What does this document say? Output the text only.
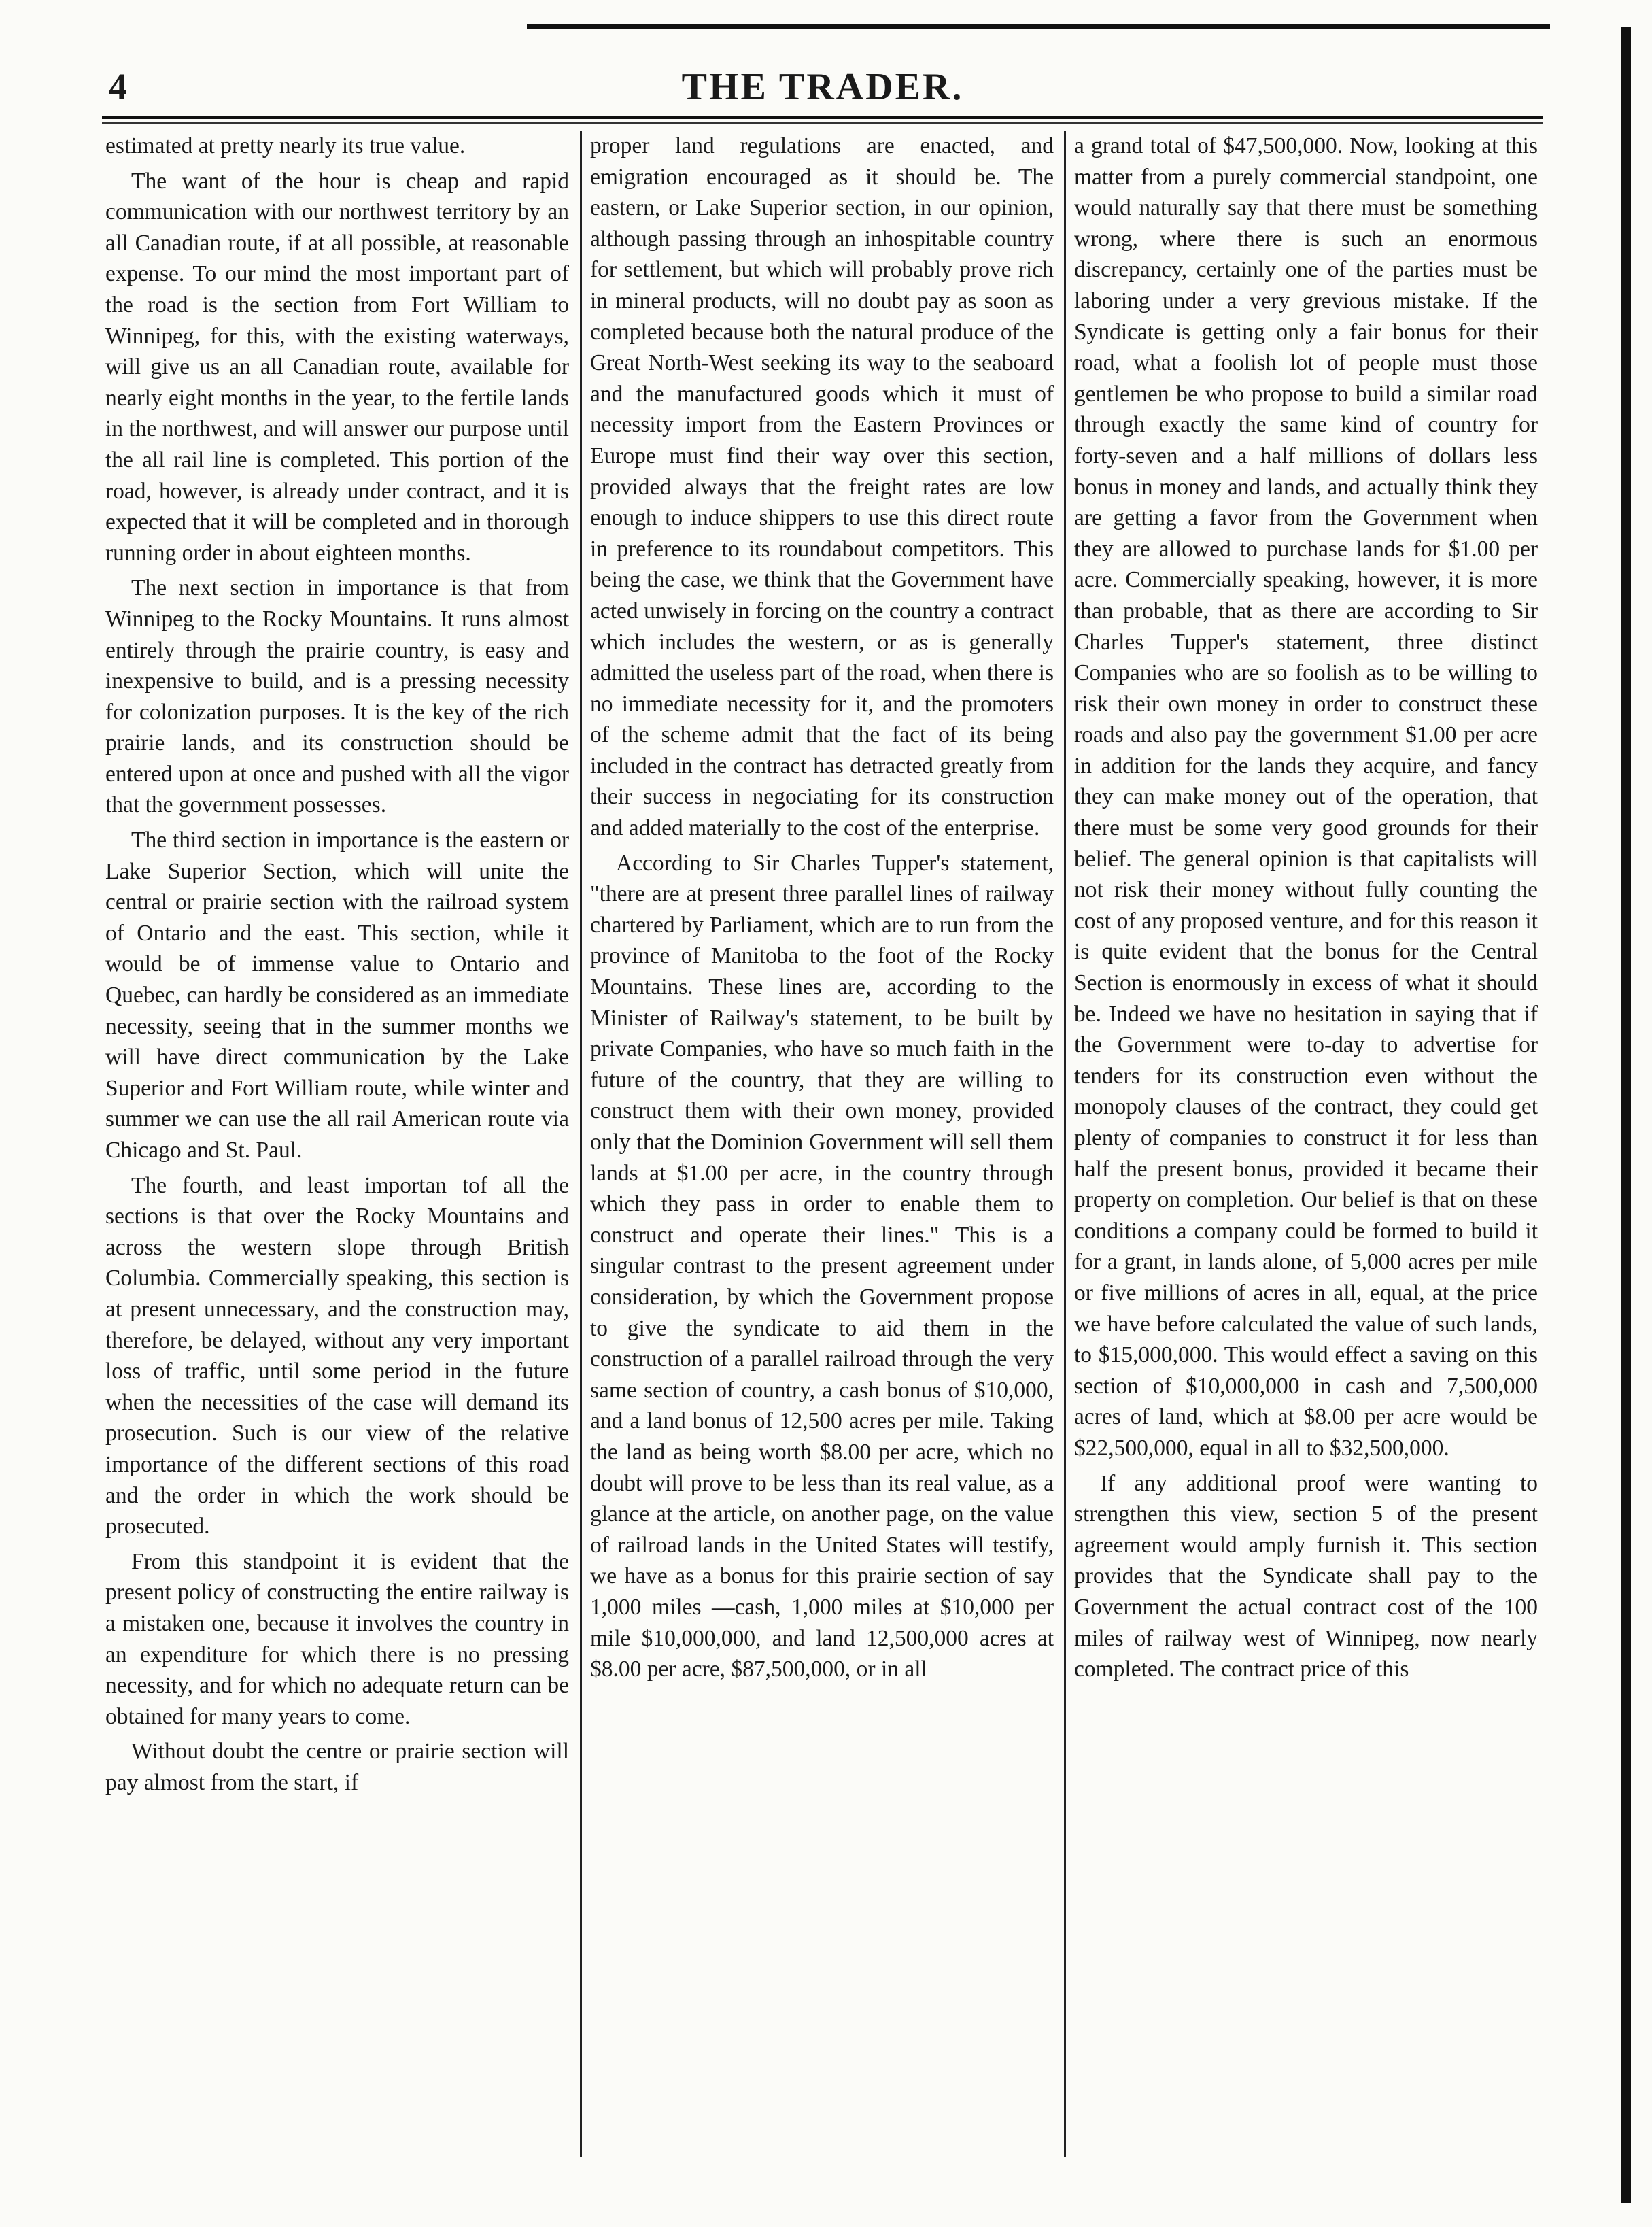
4	THE TRADER.

estimated at pretty nearly its true value.

The want of the hour is cheap and rapid communication with our northwest territory by an all Canadian route, if at all possible, at reasonable expense. To our mind the most important part of the road is the section from Fort William to Winnipeg, for this, with the existing waterways, will give us an all Canadian route, available for nearly eight months in the year, to the fertile lands in the northwest, and will answer our purpose until the all rail line is completed. This portion of the road, however, is already under contract, and it is expected that it will be completed and in thorough running order in about eighteen months.

The next section in importance is that from Winnipeg to the Rocky Mountains. It runs almost entirely through the prairie country, is easy and inexpensive to build, and is a pressing necessity for colonization purposes. It is the key of the rich prairie lands, and its construction should be entered upon at once and pushed with all the vigor that the government possesses.

The third section in importance is the eastern or Lake Superior Section, which will unite the central or prairie section with the railroad system of Ontario and the east. This section, while it would be of immense value to Ontario and Quebec, can hardly be considered as an immediate necessity, seeing that in the summer months we will have direct communication by the Lake Superior and Fort William route, while winter and summer we can use the all rail American route via Chicago and St. Paul.

The fourth, and least importan tof all the sections is that over the Rocky Mountains and across the western slope through British Columbia. Commercially speaking, this section is at present unnecessary, and the construction may, therefore, be delayed, without any very important loss of traffic, until some period in the future when the necessities of the case will demand its prosecution. Such is our view of the relative importance of the different sections of this road and the order in which the work should be prosecuted.

From this standpoint it is evident that the present policy of constructing the entire railway is a mistaken one, because it involves the country in an expenditure for which there is no pressing necessity, and for which no adequate return can be obtained for many years to come.

Without doubt the centre or prairie section will pay almost from the start, if

proper land regulations are enacted, and emigration encouraged as it should be. The eastern, or Lake Superior section, in our opinion, although passing through an inhospitable country for settlement, but which will probably prove rich in mineral products, will no doubt pay as soon as completed because both the natural produce of the Great North-West seeking its way to the seaboard and the manufactured goods which it must of necessity import from the Eastern Provinces or Europe must find their way over this section, provided always that the freight rates are low enough to induce shippers to use this direct route in preference to its roundabout competitors. This being the case, we think that the Government have acted unwisely in forcing on the country a contract which includes the western, or as is generally admitted the useless part of the road, when there is no immediate necessity for it, and the promoters of the scheme admit that the fact of its being included in the contract has detracted greatly from their success in negociating for its construction and added materially to the cost of the enterprise.

According to Sir Charles Tupper's statement, "there are at present three parallel lines of railway chartered by Parliament, which are to run from the province of Manitoba to the foot of the Rocky Mountains. These lines are, according to the Minister of Railway's statement, to be built by private Companies, who have so much faith in the future of the country, that they are willing to construct them with their own money, provided only that the Dominion Government will sell them lands at $1.00 per acre, in the country through which they pass in order to enable them to construct and operate their lines." This is a singular contrast to the present agreement under consideration, by which the Government propose to give the syndicate to aid them in the construction of a parallel railroad through the very same section of country, a cash bonus of $10,000, and a land bonus of 12,500 acres per mile. Taking the land as being worth $8.00 per acre, which no doubt will prove to be less than its real value, as a glance at the article, on another page, on the value of railroad lands in the United States will testify, we have as a bonus for this prairie section of say 1,000 miles —cash, 1,000 miles at $10,000 per mile $10,000,000, and land 12,500,000 acres at $8.00 per acre, $87,500,000, or in all

a grand total of $47,500,000. Now, looking at this matter from a purely commercial standpoint, one would naturally say that there must be something wrong, where there is such an enormous discrepancy, certainly one of the parties must be laboring under a very grevious mistake. If the Syndicate is getting only a fair bonus for their road, what a foolish lot of people must those gentlemen be who propose to build a similar road through exactly the same kind of country for forty-seven and a half millions of dollars less bonus in money and lands, and actually think they are getting a favor from the Government when they are allowed to purchase lands for $1.00 per acre. Commercially speaking, however, it is more than probable, that as there are according to Sir Charles Tupper's statement, three distinct Companies who are so foolish as to be willing to risk their own money in order to construct these roads and also pay the government $1.00 per acre in addition for the lands they acquire, and fancy they can make money out of the operation, that there must be some very good grounds for their belief. The general opinion is that capitalists will not risk their money without fully counting the cost of any proposed venture, and for this reason it is quite evident that the bonus for the Central Section is enormously in excess of what it should be. Indeed we have no hesitation in saying that if the Government were to-day to advertise for tenders for its construction even without the monopoly clauses of the contract, they could get plenty of companies to construct it for less than half the present bonus, provided it became their property on completion. Our belief is that on these conditions a company could be formed to build it for a grant, in lands alone, of 5,000 acres per mile or five millions of acres in all, equal, at the price we have before calculated the value of such lands, to $15,000,000. This would effect a saving on this section of $10,000,000 in cash and 7,500,000 acres of land, which at $8.00 per acre would be $22,500,000, equal in all to $32,500,000.

If any additional proof were wanting to strengthen this view, section 5 of the present agreement would amply furnish it. This section provides that the Syndicate shall pay to the Government the actual contract cost of the 100 miles of railway west of Winnipeg, now nearly completed. The contract price of this
